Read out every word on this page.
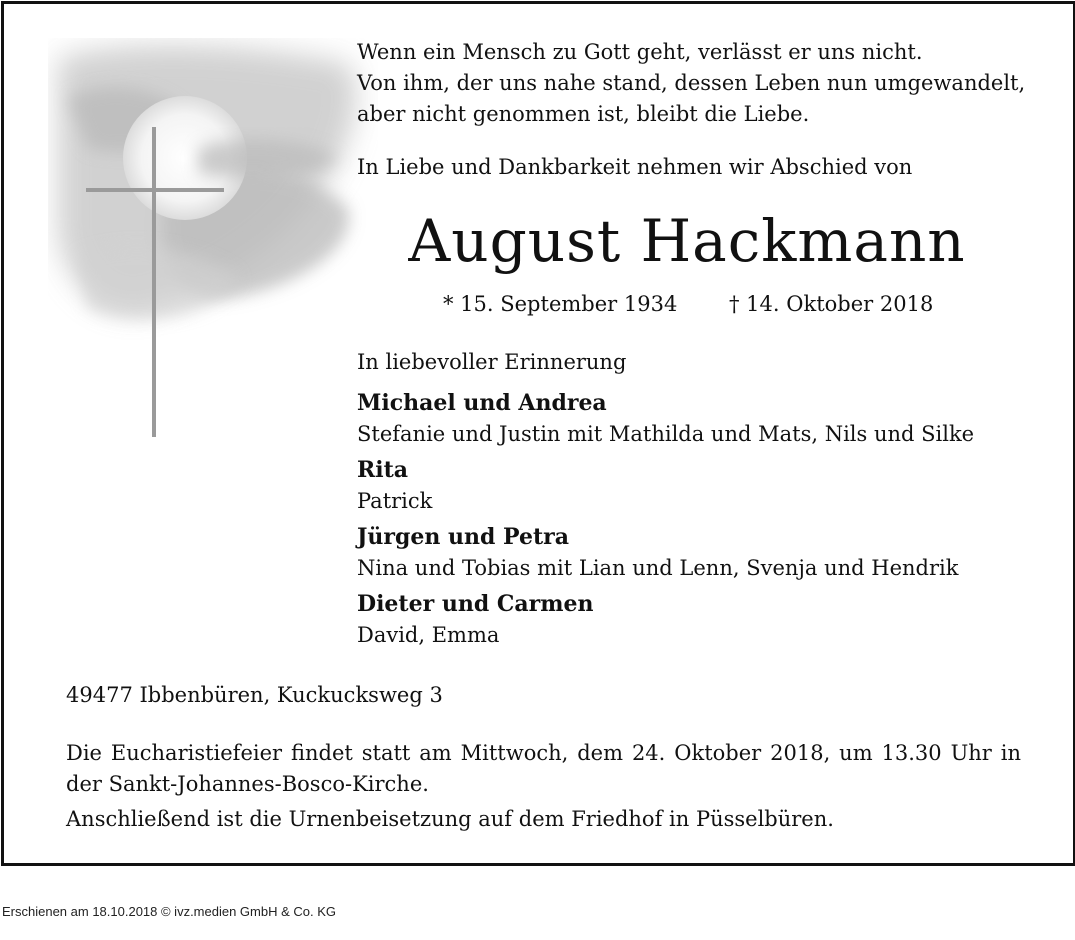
Wenn ein Mensch zu Gott geht, verlässt er uns nicht.
Von ihm, der uns nahe stand, dessen Leben nun umgewandelt,
aber nicht genommen ist, bleibt die Liebe.
In Liebe und Dankbarkeit nehmen wir Abschied von
August Hackmann
* 15. September 1934 † 14. Oktober 2018
In liebevoller Erinnerung
Michael und Andrea
Stefanie und Justin mit Mathilda und Mats, Nils und Silke
Rita
Patrick
Jürgen und Petra
Nina und Tobias mit Lian und Lenn, Svenja und Hendrik
Dieter und Carmen
David, Emma
49477 Ibbenbüren, Kuckucksweg 3
Die Eucharistiefeier findet statt am Mittwoch, dem 24. Oktober 2018, um 13.30 Uhr in der Sankt-Johannes-Bosco-Kirche.
Anschließend ist die Urnenbeisetzung auf dem Friedhof in Püsselbüren.
Erschienen am 18.10.2018 © ivz.medien GmbH & Co. KG
